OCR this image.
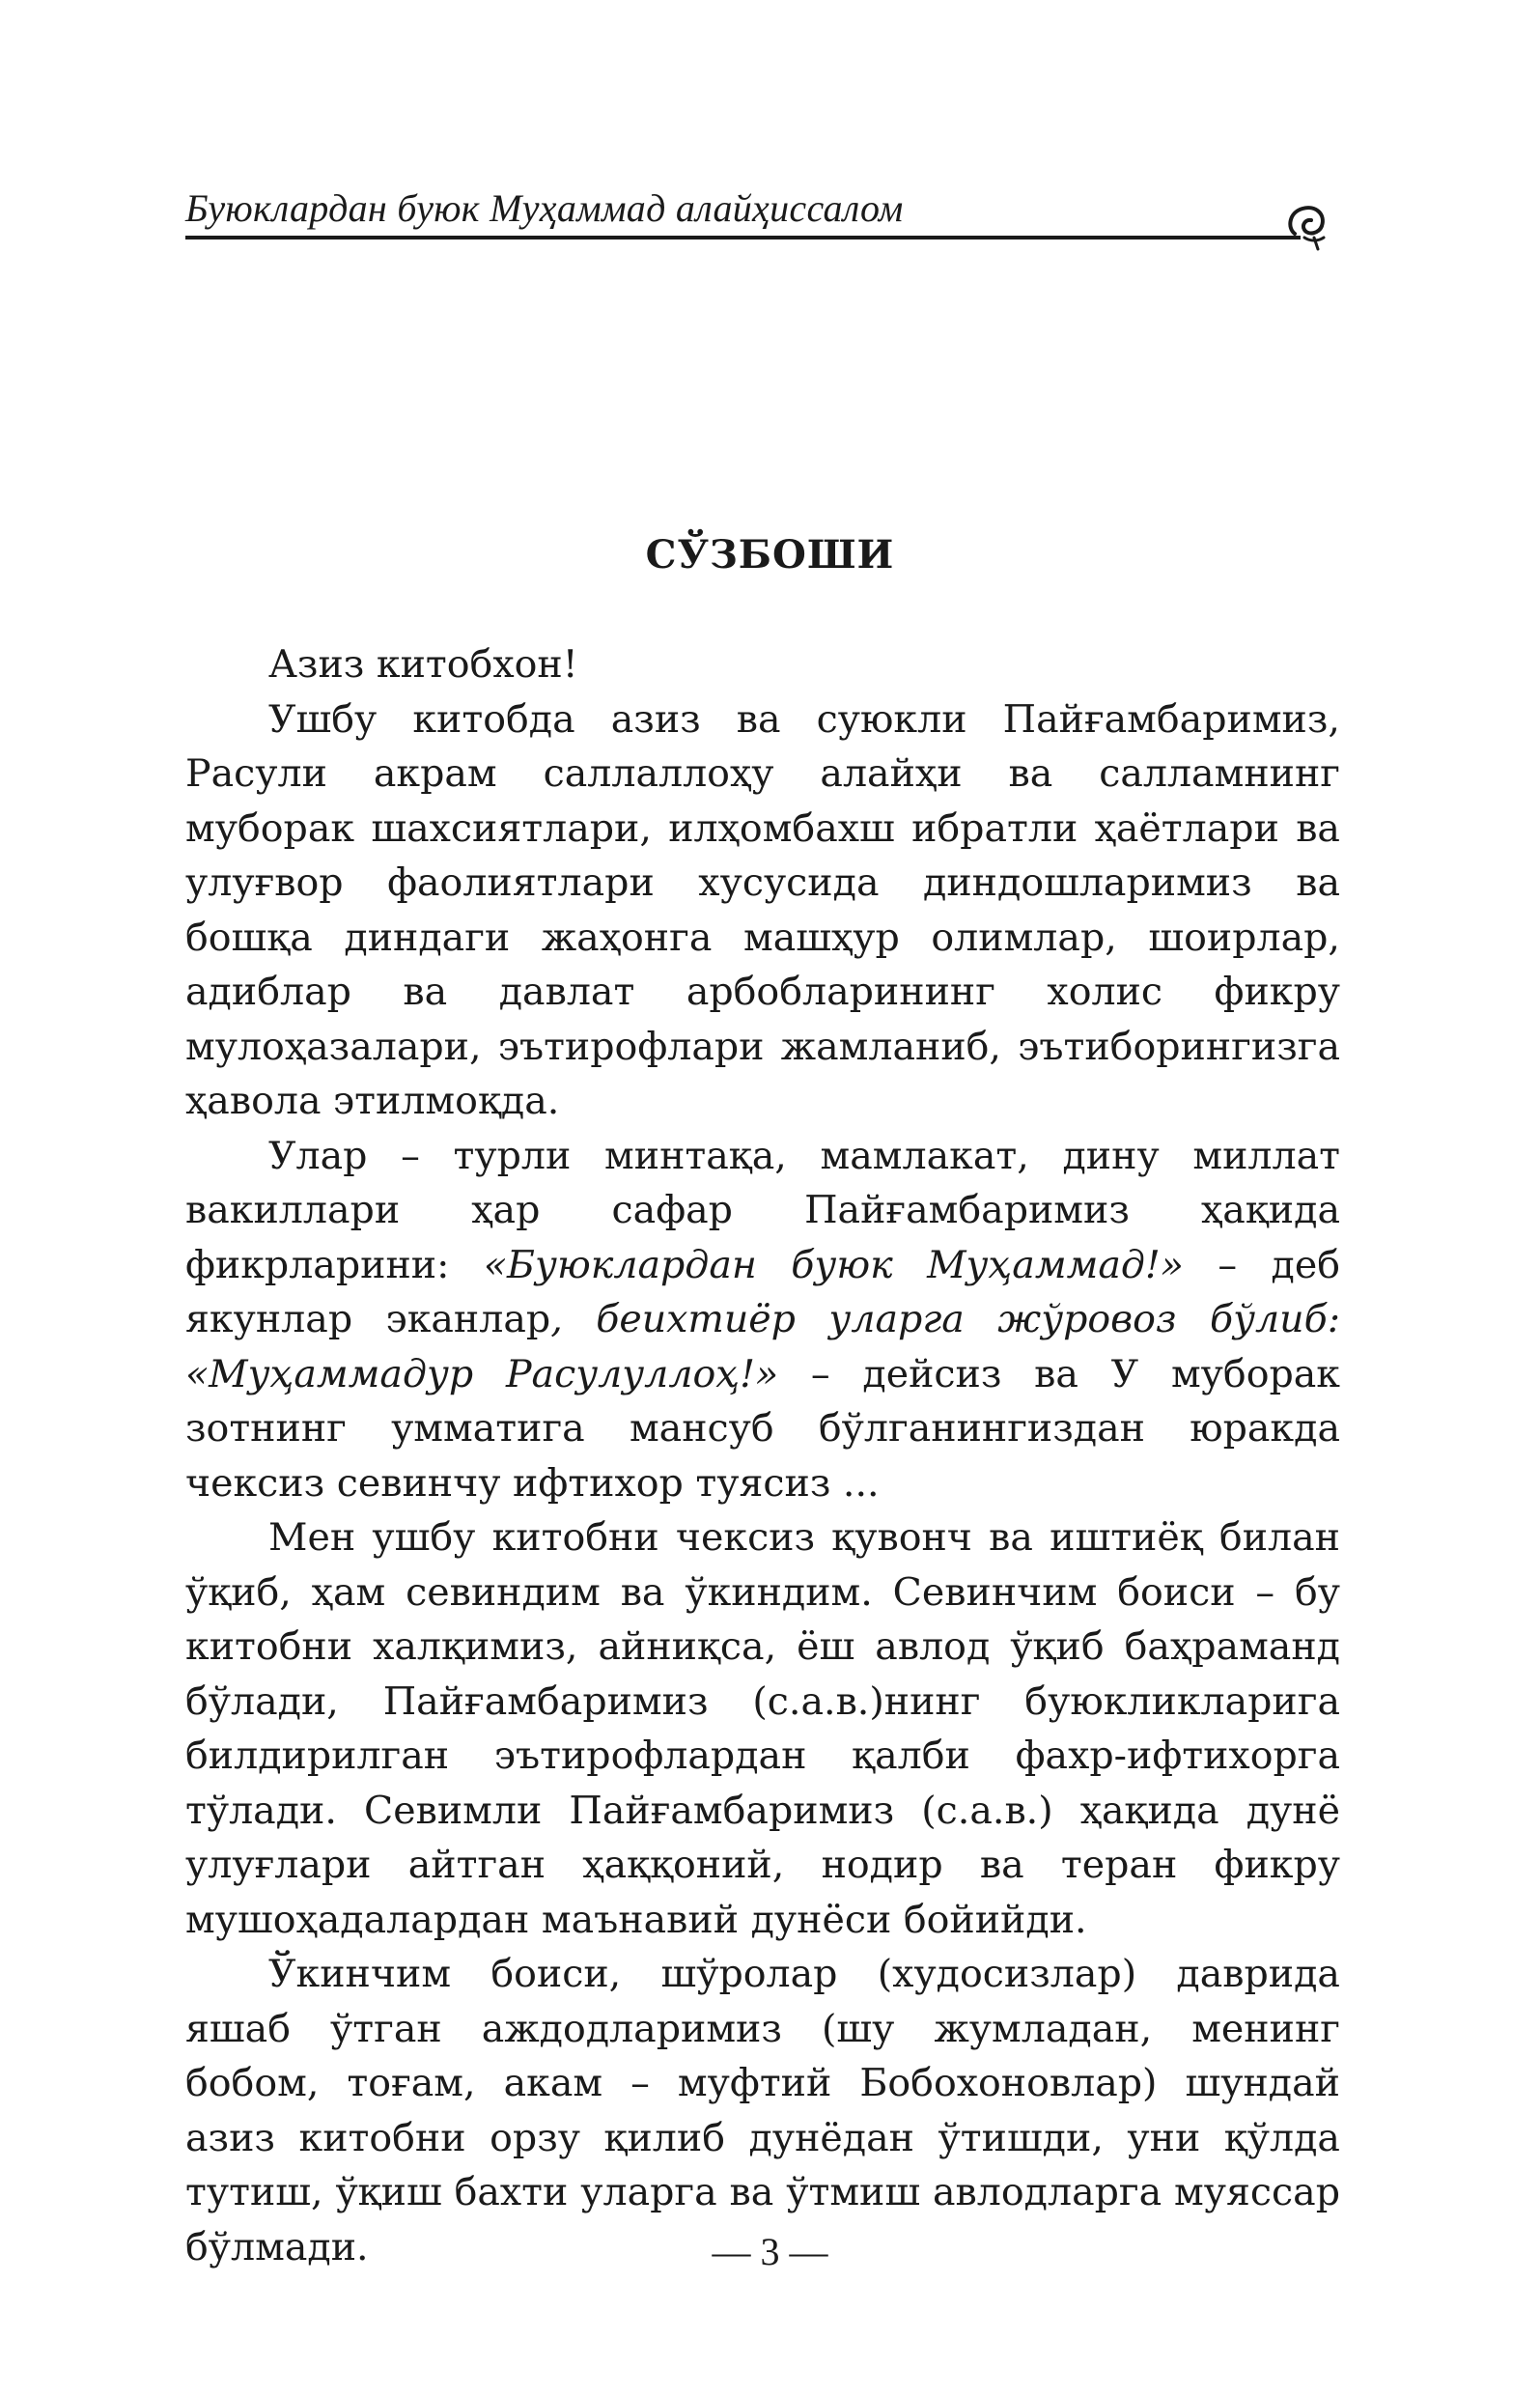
Буюклардан буюк Муҳаммад алайҳиссалом
СЎЗБОШИ

Азиз китобхон!

Ушбу китобда азиз ва суюкли Пайғамбаримиз, Расули акрам саллаллоҳу алайҳи ва салламнинг муборак шахсиятлари, илҳомбахш ибратли ҳаётлари ва улуғвор фаолиятлари хусусида диндошларимиз ва бошқа диндаги жаҳонга машҳур олимлар, шоирлар, адиблар ва давлат арбобларининг холис фикру мулоҳазалари, эътирофлари жамланиб, эътиборингизга ҳавола этилмоқда.

Улар – турли минтақа, мамлакат, дину миллат вакиллари ҳар сафар Пайғамбаримиз ҳақида фикрларини: «Буюклардан буюк Муҳаммад!» – деб якунлар эканлар, беихтиёр уларга жўровоз бўлиб: «Муҳаммадур Расулуллоҳ!» – дейсиз ва У муборак зотнинг умматига мансуб бўлганингиздан юракда чексиз севинчу ифтихор туясиз ...

Мен ушбу китобни чексиз қувонч ва иштиёқ билан ўқиб, ҳам севиндим ва ўкиндим. Севинчим боиси – бу китобни халқимиз, айниқса, ёш авлод ўқиб баҳраманд бўлади, Пайғамбаримиз (с.а.в.)нинг буюкликларига билдирилган эътирофлардан қалби фахр-ифтихорга тўлади. Севимли Пайғамбаримиз (с.а.в.) ҳақида дунё улуғлари айтган ҳаққоний, нодир ва теран фикру мушоҳадалардан маънавий дунёси бойийди.

Ўкинчим боиси, шўролар (худосизлар) даврида яшаб ўтган аждодларимиз (шу жумладан, менинг бобом, тоғам, акам – муфтий Бобохоновлар) шундай азиз китобни орзу қилиб дунёдан ўтишди, уни қўлда тутиш, ўқиш бахти уларга ва ўтмиш авлодларга муяссар бўлмади.	— 3 —
